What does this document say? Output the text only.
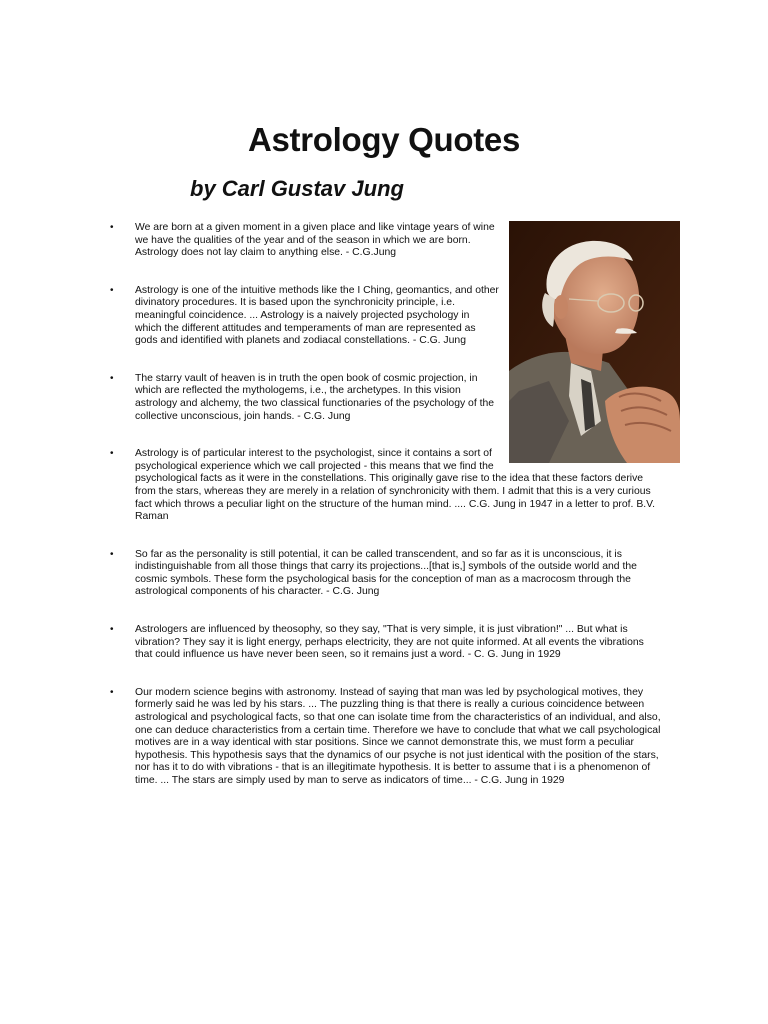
Astrology Quotes
by Carl Gustav Jung
• We are born at a given moment in a given place and like vintage years of wine
we have the qualities of the year and of the season in which we are born.
Astrology does not lay claim to anything else. - C.G.Jung
• Astrology is one of the intuitive methods like the I Ching, geomantics, and other
divinatory procedures. It is based upon the synchronicity principle, i.e.
meaningful coincidence. ... Astrology is a naively projected psychology in
which the different attitudes and temperaments of man are represented as
gods and identified with planets and zodiacal constellations. - C.G. Jung
• The starry vault of heaven is in truth the open book of cosmic projection, in
which are reflected the mythologems, i.e., the archetypes. In this vision
astrology and alchemy, the two classical functionaries of the psychology of the
collective unconscious, join hands. - C.G. Jung
• Astrology is of particular interest to the psychologist, since it contains a sort of
psychological experience which we call projected - this means that we find the
psychological facts as it were in the constellations. This originally gave rise to the idea that these factors derive
from the stars, whereas they are merely in a relation of synchronicity with them. I admit that this is a very curious
fact which throws a peculiar light on the structure of the human mind. .... C.G. Jung in 1947 in a letter to prof. B.V.
Raman
• So far as the personality is still potential, it can be called transcendent, and so far as it is unconscious, it is
indistinguishable from all those things that carry its projections...[that is,] symbols of the outside world and the
cosmic symbols. These form the psychological basis for the conception of man as a macrocosm through the
astrological components of his character. - C.G. Jung
• Astrologers are influenced by theosophy, so they say, "That is very simple, it is just vibration!" ... But what is
vibration? They say it is light energy, perhaps electricity, they are not quite informed. At all events the vibrations
that could influence us have never been seen, so it remains just a word. - C. G. Jung in 1929
• Our modern science begins with astronomy. Instead of saying that man was led by psychological motives, they
formerly said he was led by his stars. ... The puzzling thing is that there is really a curious coincidence between
astrological and psychological facts, so that one can isolate time from the characteristics of an individual, and also,
one can deduce characteristics from a certain time. Therefore we have to conclude that what we call psychological
motives are in a way identical with star positions. Since we cannot demonstrate this, we must form a peculiar
hypothesis. This hypothesis says that the dynamics of our psyche is not just identical with the position of the stars,
nor has it to do with vibrations - that is an illegitimate hypothesis. It is better to assume that i is a phenomenon of
time. ... The stars are simply used by man to serve as indicators of time... - C.G. Jung in 1929
